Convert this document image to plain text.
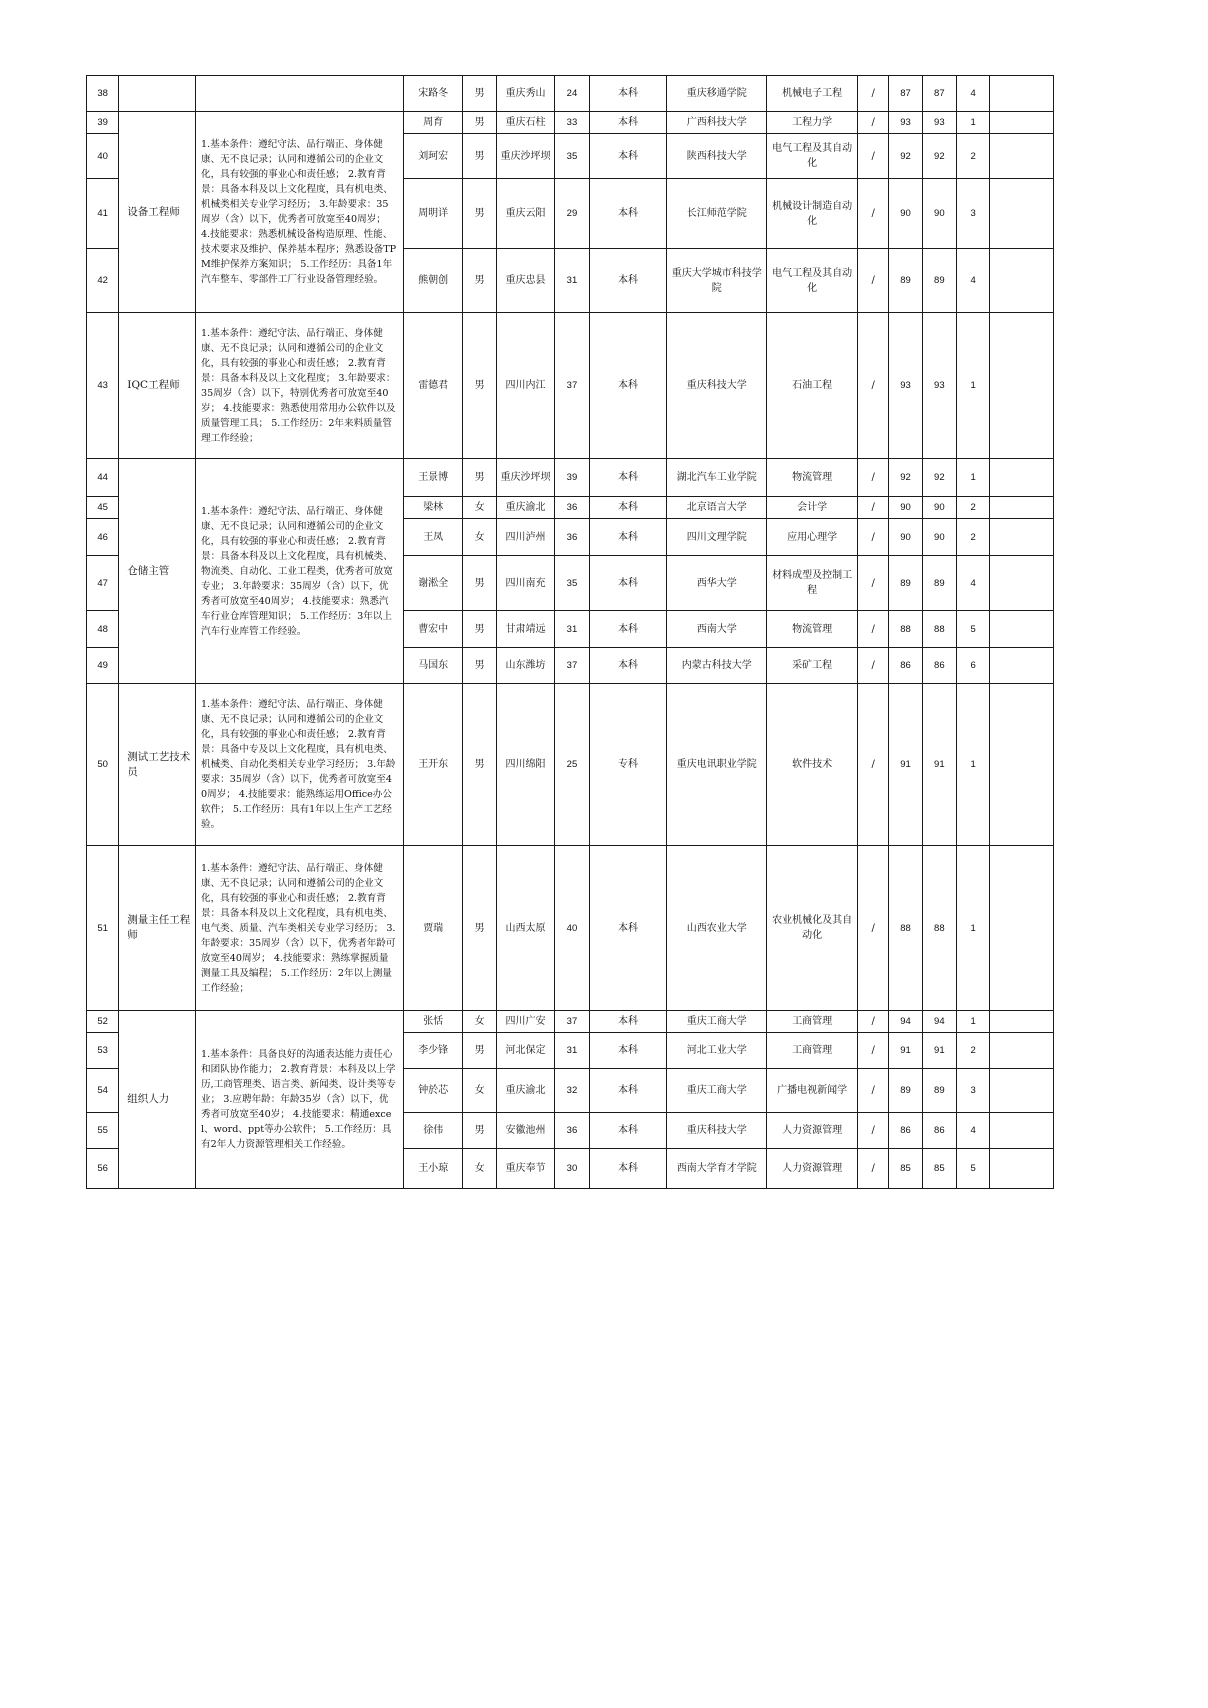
38			宋路冬	男	重庆秀山	24	本科	重庆移通学院	机械电子工程	/	87	87	4	
39	设备工程师	1.基本条件：遵纪守法、品行端正、身体健康、无不良记录；认同和遵循公司的企业文化，具有较强的事业心和责任感； 2.教育背景：具备本科及以上文化程度，具有机电类、机械类相关专业学习经历； 3.年龄要求：35周岁（含）以下，优秀者可放宽至40周岁； 4.技能要求：熟悉机械设备构造原理、性能、技术要求及维护、保养基本程序；熟悉设备TPM维护保养方案知识； 5.工作经历：具备1年汽车整车、零部件工厂行业设备管理经验。	周育	男	重庆石柱	33	本科	广西科技大学	工程力学	/	93	93	1	
40			刘珂宏	男	重庆沙坪坝	35	本科	陕西科技大学	电气工程及其自动化	/	92	92	2	
41			周明详	男	重庆云阳	29	本科	长江师范学院	机械设计制造自动化	/	90	90	3	
42			熊朝创	男	重庆忠县	31	本科	重庆大学城市科技学院	电气工程及其自动化	/	89	89	4	
43	IQC工程师	1.基本条件：遵纪守法、品行端正、身体健康、无不良记录；认同和遵循公司的企业文化，具有较强的事业心和责任感； 2.教育背景：具备本科及以上文化程度； 3.年龄要求：35周岁（含）以下，特别优秀者可放宽至40岁； 4.技能要求：熟悉使用常用办公软件以及质量管理工具； 5.工作经历：2年来料质量管理工作经验；	雷德君	男	四川内江	37	本科	重庆科技大学	石油工程	/	93	93	1	
44	仓储主管	1.基本条件：遵纪守法、品行端正、身体健康、无不良记录；认同和遵循公司的企业文化，具有较强的事业心和责任感； 2.教育背景：具备本科及以上文化程度，具有机械类、物流类、自动化、工业工程类，优秀者可放宽专业； 3.年龄要求：35周岁（含）以下，优秀者可放宽至40周岁； 4.技能要求：熟悉汽车行业仓库管理知识； 5.工作经历：3年以上汽车行业库管工作经验。	王景博	男	重庆沙坪坝	39	本科	湖北汽车工业学院	物流管理	/	92	92	1	
45			梁林	女	重庆渝北	36	本科	北京语言大学	会计学	/	90	90	2	
46			王凤	女	四川泸州	36	本科	四川文理学院	应用心理学	/	90	90	2	
47			谢淞全	男	四川南充	35	本科	西华大学	材料成型及控制工程	/	89	89	4	
48			曹宏中	男	甘肃靖远	31	本科	西南大学	物流管理	/	88	88	5	
49			马国东	男	山东潍坊	37	本科	内蒙古科技大学	采矿工程	/	86	86	6	
50	测试工艺技术员	1.基本条件：遵纪守法、品行端正、身体健康、无不良记录；认同和遵循公司的企业文化，具有较强的事业心和责任感； 2.教育背景：具备中专及以上文化程度，具有机电类、机械类、自动化类相关专业学习经历； 3.年龄要求：35周岁（含）以下，优秀者可放宽至40周岁； 4.技能要求：能熟练运用Office办公软件； 5.工作经历：具有1年以上生产工艺经验。	王开东	男	四川绵阳	25	专科	重庆电讯职业学院	软件技术	/	91	91	1	
51	测量主任工程师	1.基本条件：遵纪守法、品行端正、身体健康、无不良记录；认同和遵循公司的企业文化，具有较强的事业心和责任感； 2.教育背景：具备本科及以上文化程度，具有机电类、电气类、质量、汽车类相关专业学习经历； 3.年龄要求：35周岁（含）以下，优秀者年龄可放宽至40周岁； 4.技能要求：熟练掌握质量测量工具及编程； 5.工作经历：2年以上测量工作经验；	贾瑞	男	山西太原	40	本科	山西农业大学	农业机械化及其自动化	/	88	88	1	
52	组织人力	1.基本条件：具备良好的沟通表达能力责任心和团队协作能力； 2.教育背景：本科及以上学历,工商管理类、语言类、新闻类、设计类等专业； 3.应聘年龄：年龄35岁（含）以下，优秀者可放宽至40岁； 4.技能要求：精通excel、word、ppt等办公软件； 5.工作经历：具有2年人力资源管理相关工作经验。	张恬	女	四川广安	37	本科	重庆工商大学	工商管理	/	94	94	1	
53			李少锋	男	河北保定	31	本科	河北工业大学	工商管理	/	91	91	2	
54			钟於芯	女	重庆渝北	32	本科	重庆工商大学	广播电视新闻学	/	89	89	3	
55			徐伟	男	安徽池州	36	本科	重庆科技大学	人力资源管理	/	86	86	4	
56			王小琼	女	重庆奉节	30	本科	西南大学育才学院	人力资源管理	/	85	85	5	
